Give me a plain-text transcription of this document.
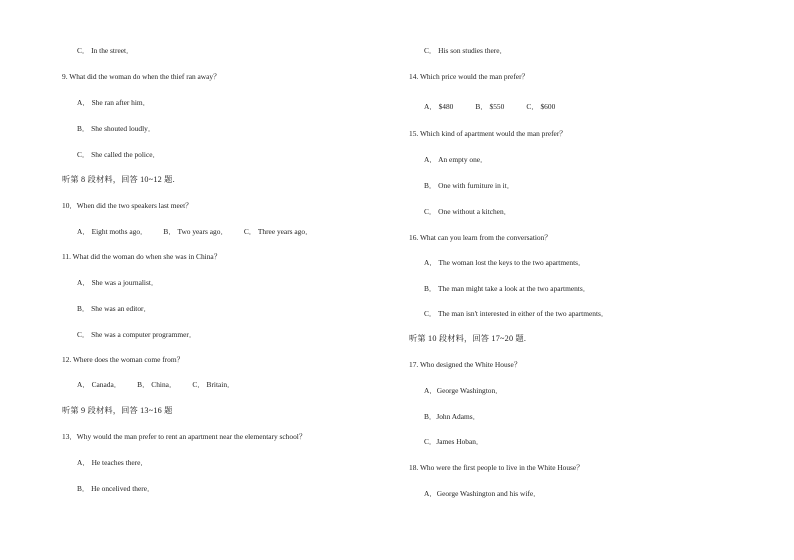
C． In the street．
9. What did the woman do when the thief ran away？
A． She ran after him．
B． She shouted loudly．
C． She called the police．
听第 8 段材料，回答 10~12 题.
10．When did the two speakers last meet？
A． Eight moths ago． B． Two years ago． C． Three years ago．
11. What did the woman do when she was in China？
A． She was a journalist．
B． She was an editor．
C． She was a computer programmer．
12. Where does the woman come from？
A． Canada． B． China． C． Britain．
听第 9 段材料，回答 13~16 题
13．Why would the man prefer to rent an apartment near the elementary school？
A． He teaches there．
B． He oncelived there．
C． His son studies there．
14. Which price would the man prefer？
A． $480	B． $550	C． $600
15. Which kind of apartment would the man prefer？
A． An empty one．
B． One with furniture in it．
C． One without a kitchen．
16. What can you learn from the conversation？
A． The woman lost the keys to the two apartments．
B． The man might take a look at the two apartments．
C． The man isn't interested in either of the two apartments．
听第 10 段材料，回答 17~20 题.
17. Who designed the White House？
A．George Washington．
B．John Adams．
C．James Hoban．
18. Who were the first people to live in the White House？
A．George Washington and his wife．
